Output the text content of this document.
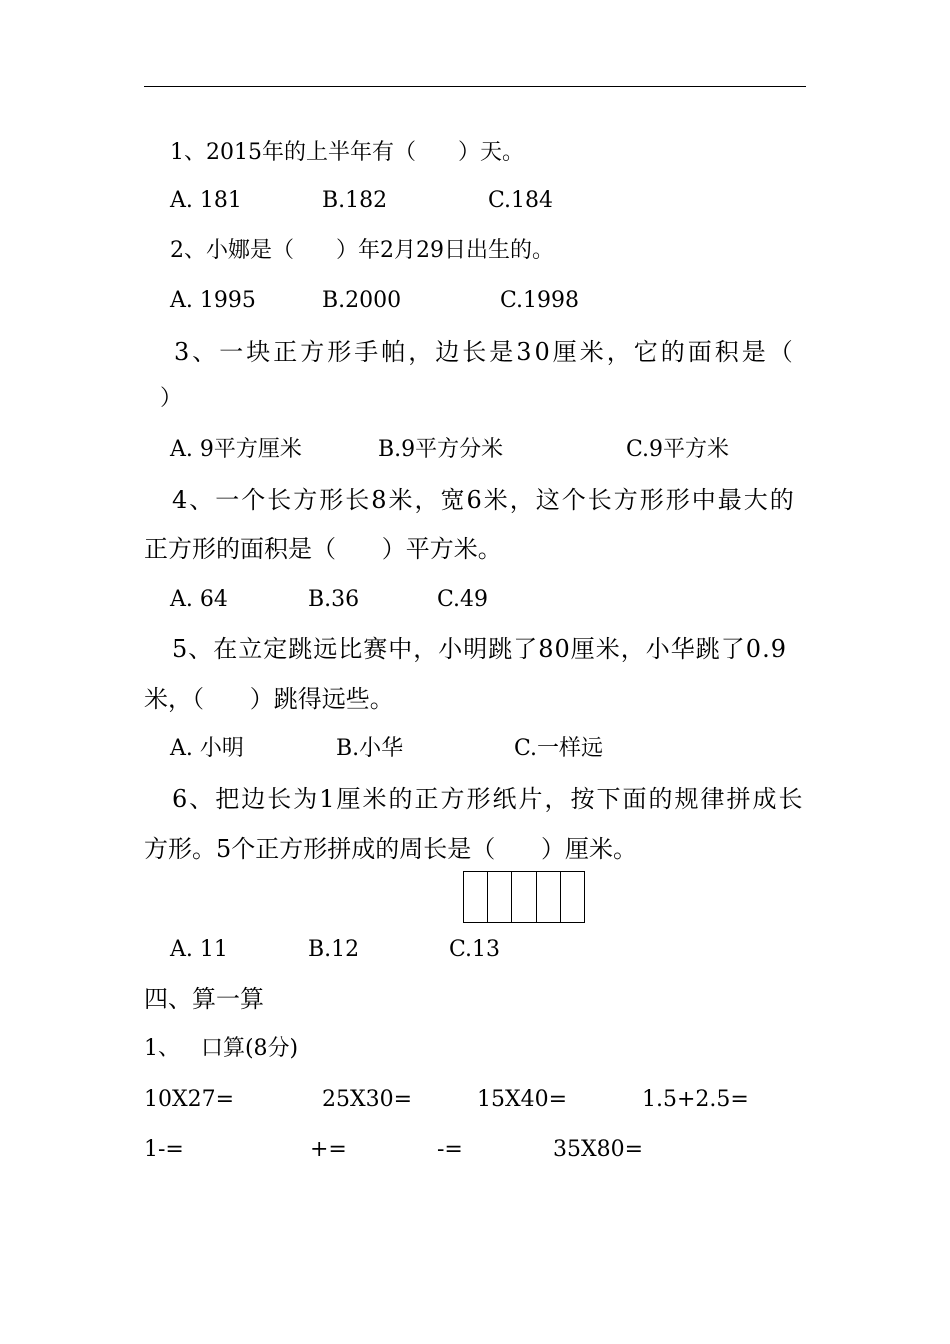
1、2015年的上半年有（      ）天。
A. 181	B.182	C.184
2、小娜是（      ）年2月29日出生的。
A. 1995	B.2000	C.1998
3、一块正方形手帕，边长是30厘米，它的面积是（
）
A. 9平方厘米	B.9平方分米	C.9平方米
4、一个长方形长8米，宽6米，这个长方形形中最大的
正方形的面积是（      ）平方米。
A. 64	B.36	C.49
5、在立定跳远比赛中，小明跳了80厘米，小华跳了0.9
米，（      ）跳得远些。
A. 小明	B.小华	C.一样远
6、把边长为1厘米的正方形纸片，按下面的规律拼成长
方形。5个正方形拼成的周长是（      ）厘米。
A. 11	B.12	C.13
四、算一算
1、   口算(8分)
10X27=	25X30=	15X40=	1.5+2.5=
1-=	+=	-=	35X80=
